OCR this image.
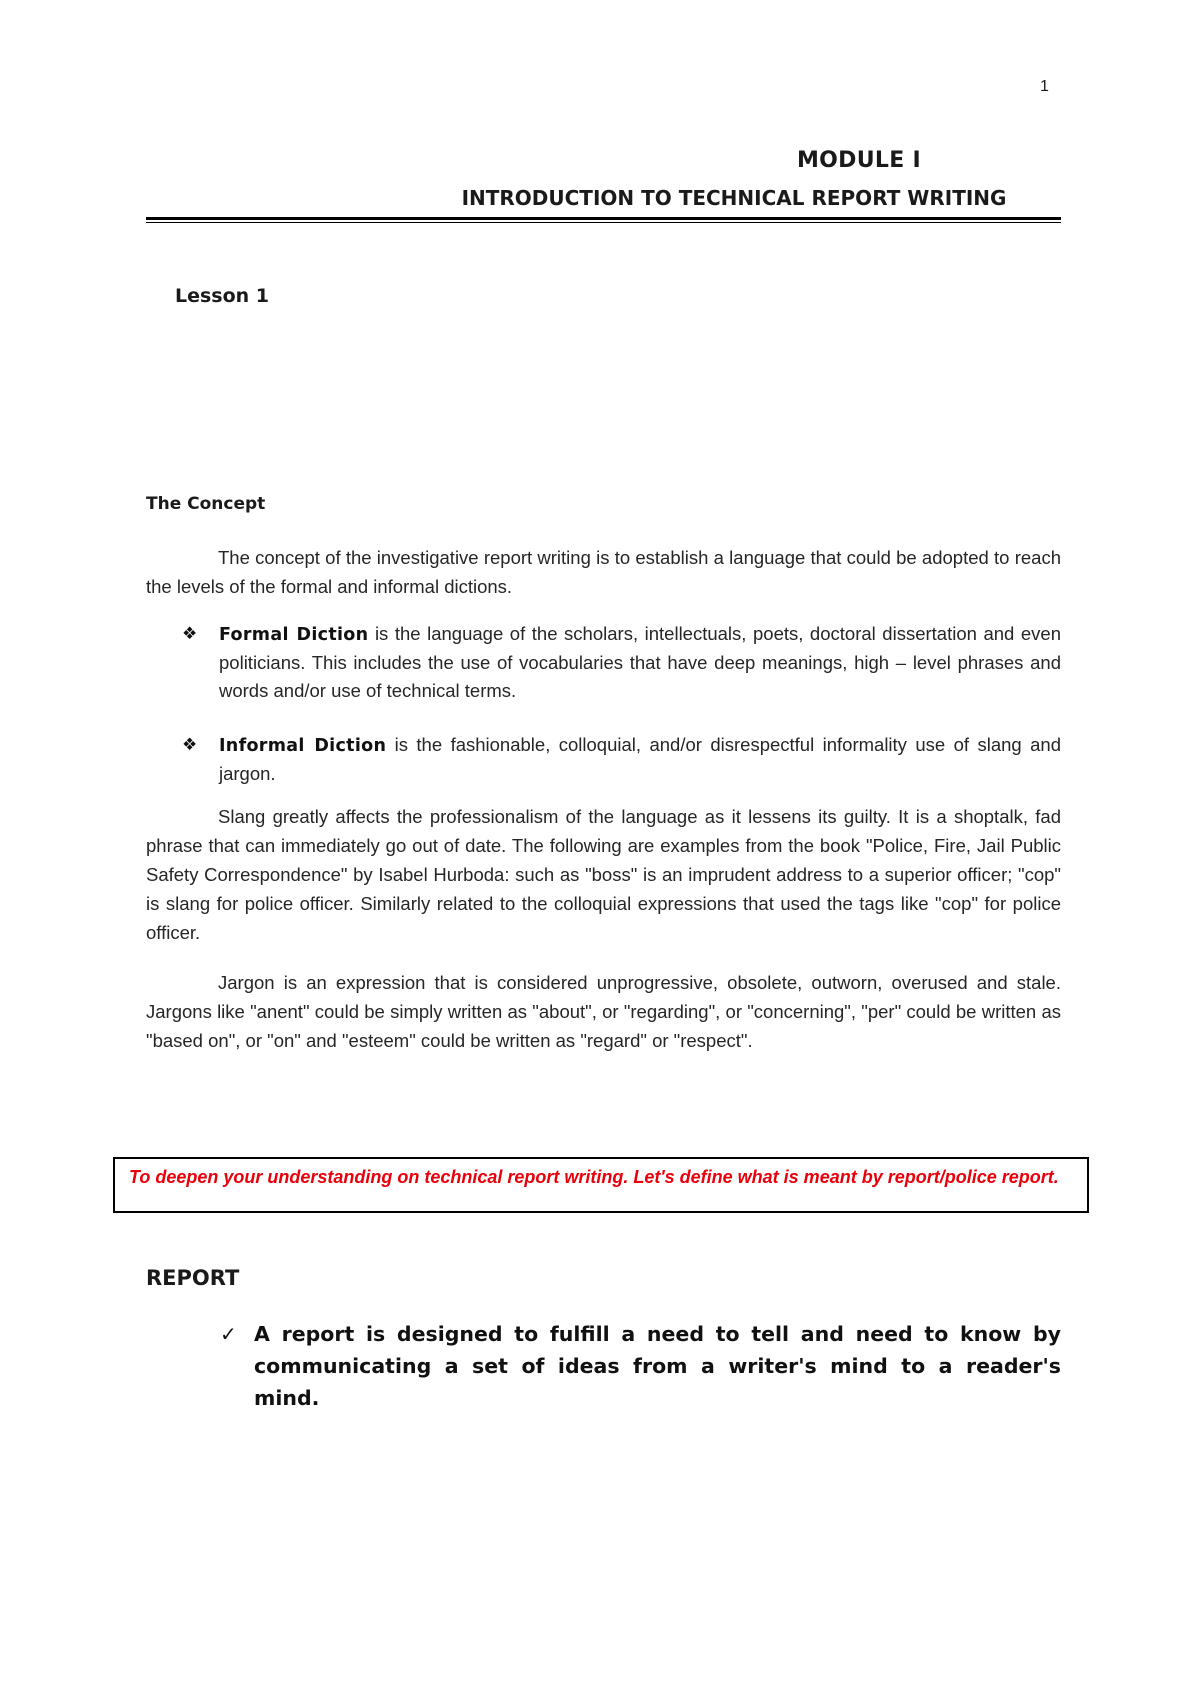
1
MODULE I
INTRODUCTION TO TECHNICAL REPORT WRITING
Lesson 1
The Concept
The concept of the investigative report writing is to establish a language that could be adopted to reach the levels of the formal and informal dictions.
❖ Formal Diction is the language of the scholars, intellectuals, poets, doctoral dissertation and even politicians. This includes the use of vocabularies that have deep meanings, high – level phrases and words and/or use of technical terms.
❖ Informal Diction is the fashionable, colloquial, and/or disrespectful informality use of slang and jargon.
Slang greatly affects the professionalism of the language as it lessens its guilty. It is a shoptalk, fad phrase that can immediately go out of date. The following are examples from the book "Police, Fire, Jail Public Safety Correspondence" by Isabel Hurboda: such as "boss" is an imprudent address to a superior officer; "cop" is slang for police officer. Similarly related to the colloquial expressions that used the tags like "cop" for police officer.
Jargon is an expression that is considered unprogressive, obsolete, outworn, overused and stale. Jargons like "anent" could be simply written as "about", or "regarding", or "concerning", "per" could be written as "based on", or "on" and "esteem" could be written as "regard" or "respect".
To deepen your understanding on technical report writing. Let's define what is meant by report/police report.
REPORT
✓ A report is designed to fulfill a need to tell and need to know by communicating a set of ideas from a writer's mind to a reader's mind.
